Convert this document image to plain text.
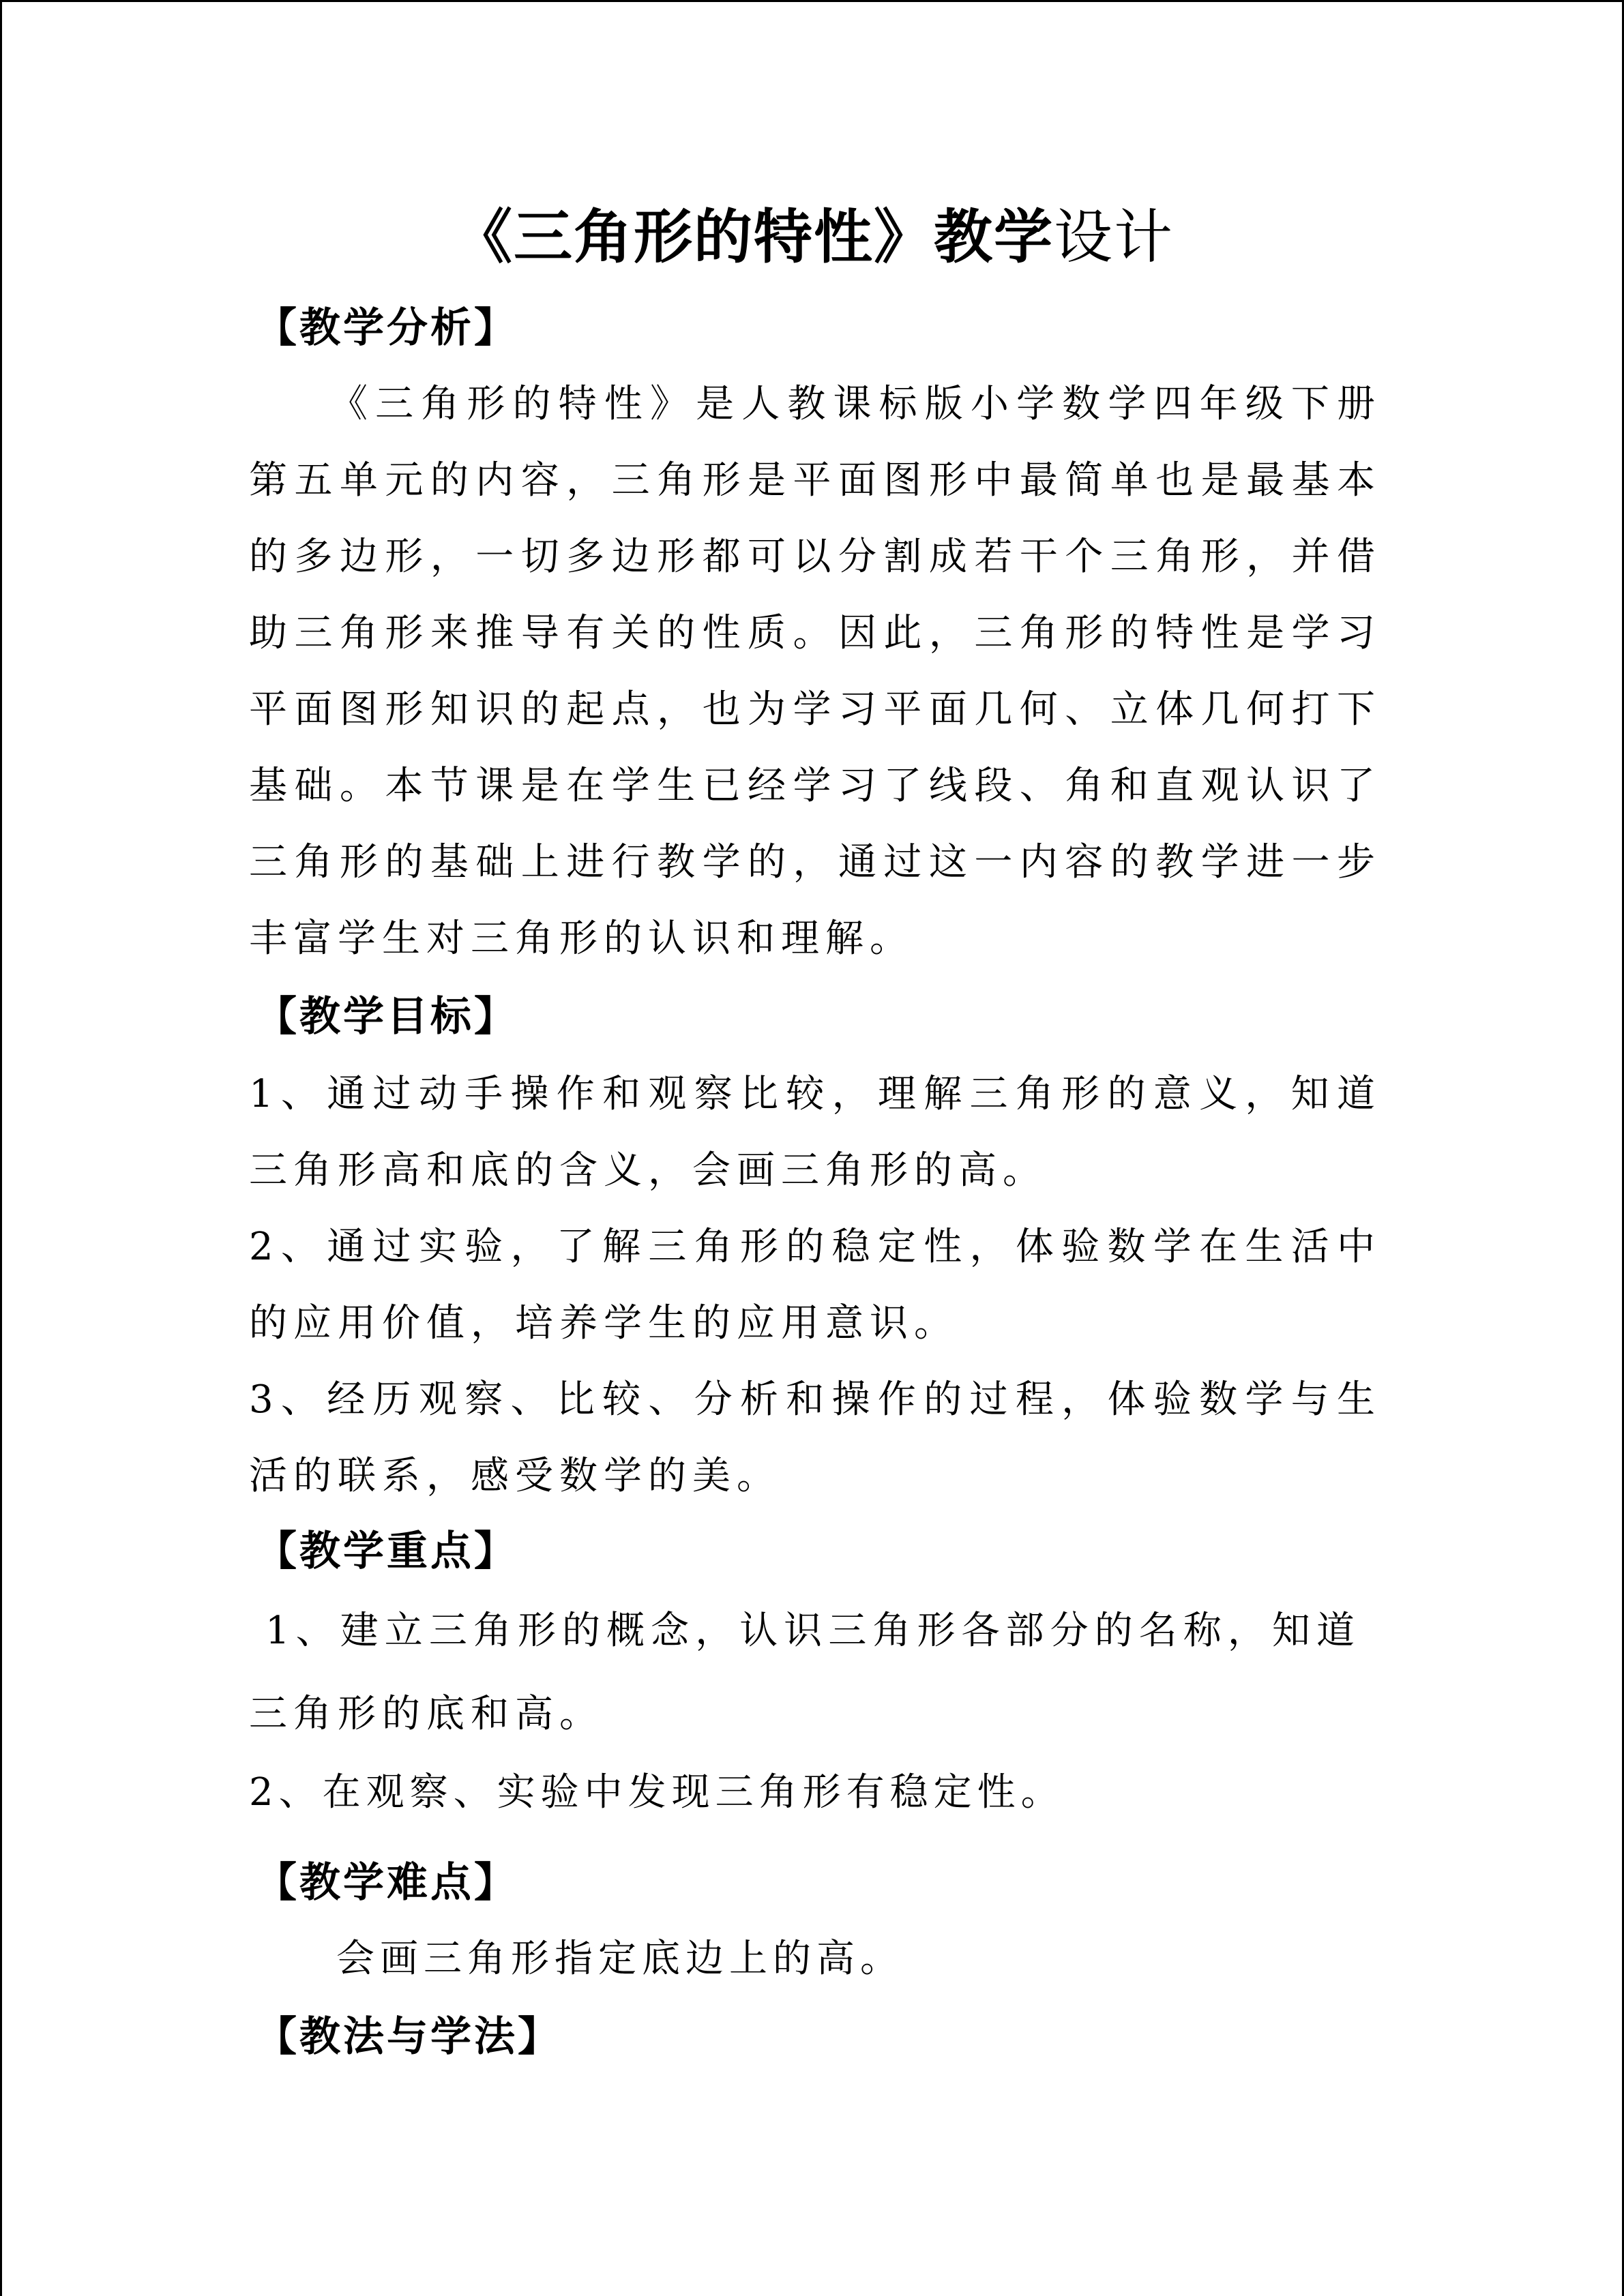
《三角形的特性》教学设计
【教学分析】
《三角形的特性》是人教课标版小学数学四年级下册第五单元的内容，三角形是平面图形中最简单也是最基本的多边形，一切多边形都可以分割成若干个三角形，并借助三角形来推导有关的性质。因此，三角形的特性是学习平面图形知识的起点，也为学习平面几何、立体几何打下基础。本节课是在学生已经学习了线段、角和直观认识了三角形的基础上进行教学的，通过这一内容的教学进一步丰富学生对三角形的认识和理解。
【教学目标】
1、通过动手操作和观察比较，理解三角形的意义，知道三角形高和底的含义，会画三角形的高。
2、通过实验，了解三角形的稳定性，体验数学在生活中的应用价值，培养学生的应用意识。
3、经历观察、比较、分析和操作的过程，体验数学与生活的联系，感受数学的美。
【教学重点】
1、建立三角形的概念，认识三角形各部分的名称，知道三角形的底和高。
2、在观察、实验中发现三角形有稳定性。
【教学难点】
会画三角形指定底边上的高。
【教法与学法】
